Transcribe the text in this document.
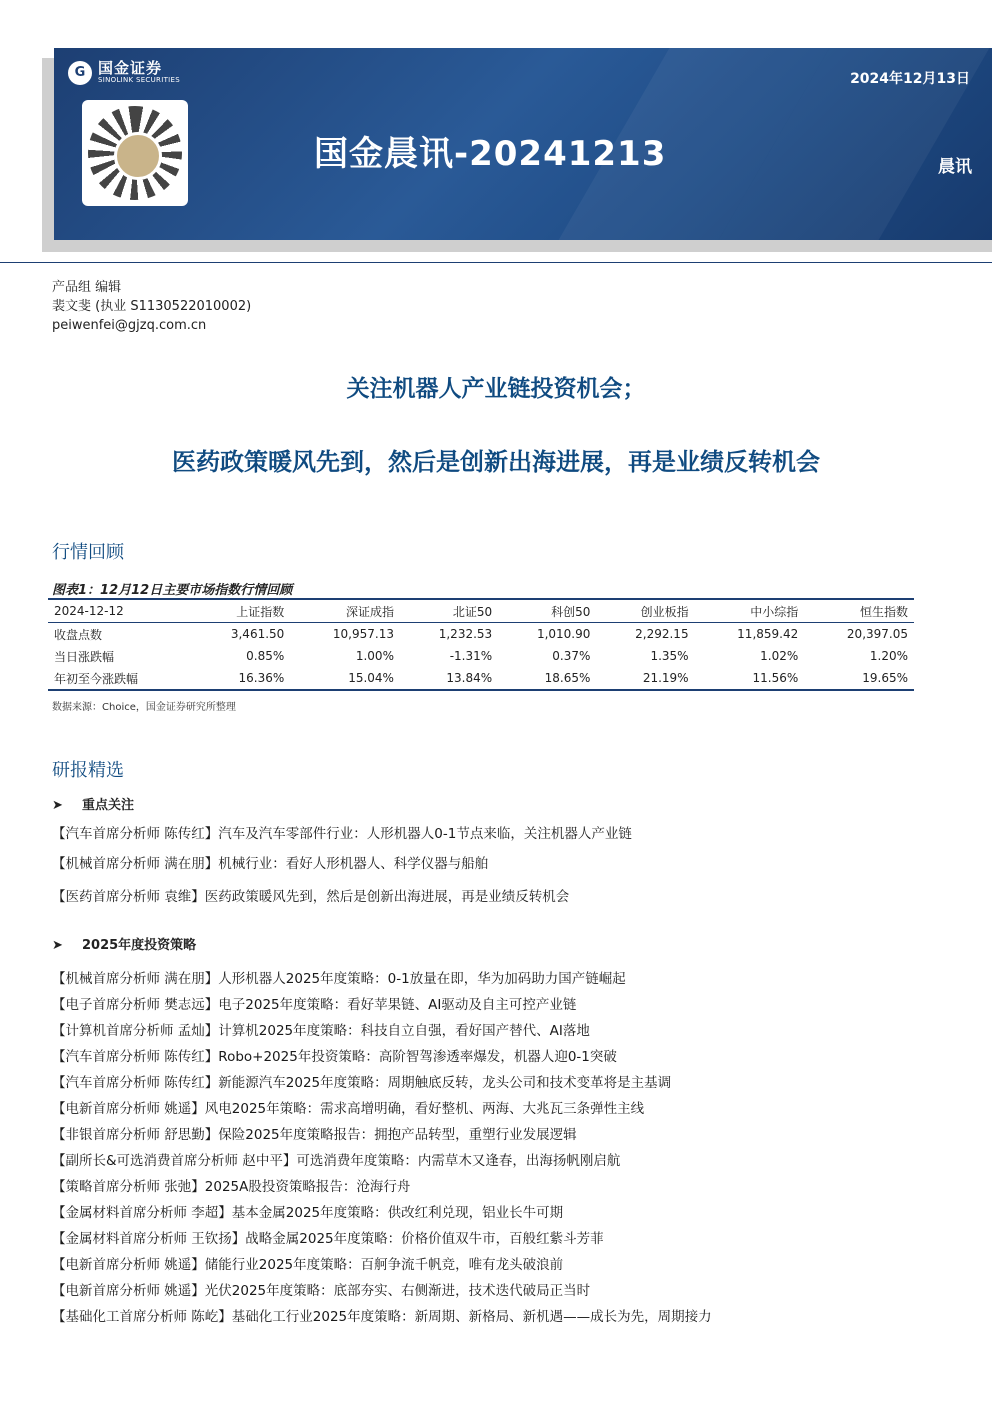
G 国金证券
SINOLINK SECURITIES	2024年12月13日
国金晨讯-20241213	晨讯
产品组 编辑
裴文斐 (执业 S1130522010002)
peiwenfei@gjzq.com.cn
关注机器人产业链投资机会；
医药政策暖风先到，然后是创新出海进展，再是业绩反转机会
行情回顾
图表1：12月12日主要市场指数行情回顾
2024-12-12	上证指数	深证成指	北证50	科创50	创业板指	中小综指	恒生指数
收盘点数	3,461.50	10,957.13	1,232.53	1,010.90	2,292.15	11,859.42	20,397.05
当日涨跌幅	0.85%	1.00%	-1.31%	0.37%	1.35%	1.02%	1.20%
年初至今涨跌幅	16.36%	15.04%	13.84%	18.65%	21.19%	11.56%	19.65%
数据来源：Choice，国金证券研究所整理
研报精选
➤ 重点关注
【汽车首席分析师 陈传红】汽车及汽车零部件行业：人形机器人0-1节点来临，关注机器人产业链
【机械首席分析师 满在朋】机械行业：看好人形机器人、科学仪器与船舶
【医药首席分析师 袁维】医药政策暖风先到，然后是创新出海进展，再是业绩反转机会
➤ 2025年度投资策略
【机械首席分析师 满在朋】人形机器人2025年度策略：0-1放量在即，华为加码助力国产链崛起
【电子首席分析师 樊志远】电子2025年度策略：看好苹果链、AI驱动及自主可控产业链
【计算机首席分析师 孟灿】计算机2025年度策略：科技自立自强，看好国产替代、AI落地
【汽车首席分析师 陈传红】Robo+2025年投资策略：高阶智驾渗透率爆发，机器人迎0-1突破
【汽车首席分析师 陈传红】新能源汽车2025年度策略：周期触底反转，龙头公司和技术变革将是主基调
【电新首席分析师 姚遥】风电2025年策略：需求高增明确，看好整机、两海、大兆瓦三条弹性主线
【非银首席分析师 舒思勤】保险2025年度策略报告：拥抱产品转型，重塑行业发展逻辑
【副所长&可选消费首席分析师 赵中平】可选消费年度策略：内需草木又逢春，出海扬帆刚启航
【策略首席分析师 张弛】2025A股投资策略报告：沧海行舟
【金属材料首席分析师 李超】基本金属2025年度策略：供改红利兑现，铝业长牛可期
【金属材料首席分析师 王钦扬】战略金属2025年度策略：价格价值双牛市，百般红紫斗芳菲
【电新首席分析师 姚遥】储能行业2025年度策略：百舸争流千帆竞，唯有龙头破浪前
【电新首席分析师 姚遥】光伏2025年度策略：底部夯实、右侧渐进，技术迭代破局正当时
【基础化工首席分析师 陈屹】基础化工行业2025年度策略：新周期、新格局、新机遇——成长为先，周期接力
